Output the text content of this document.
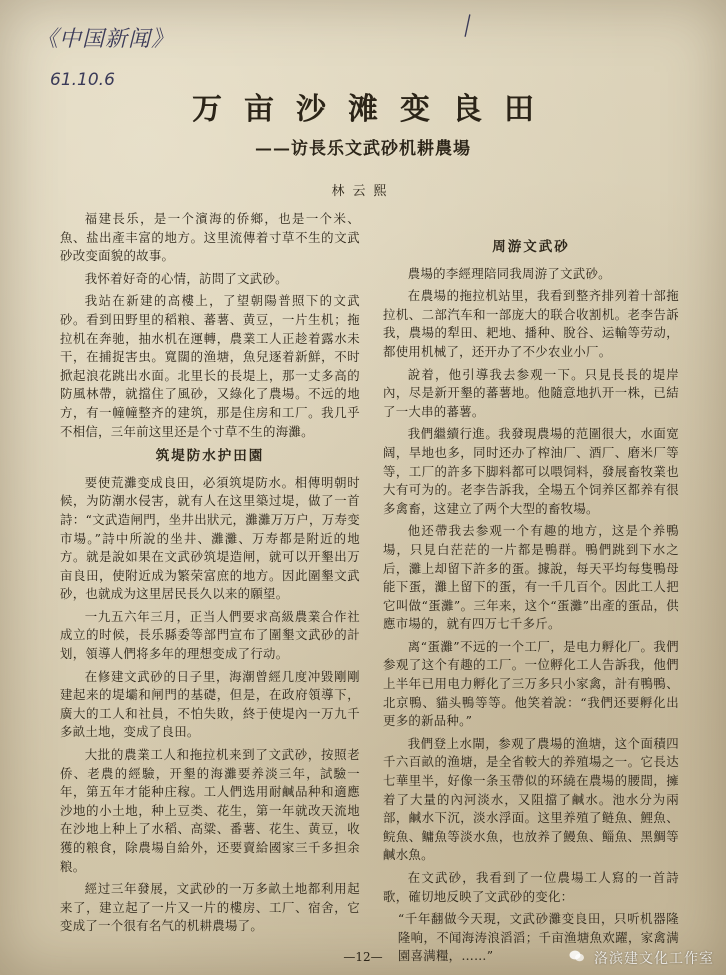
《中国新闻》
61.10.6
l
万亩沙滩变良田
——访長乐文武砂机耕農場
林云熙

福建長乐，是一个濱海的侨鄉，也是一个米、魚、盐出產丰富的地方。这里流傳着寸草不生的文武砂改变面貌的故事。

我怀着好奇的心情，訪問了文武砂。

我站在新建的高樓上，了望朝陽普照下的文武砂。看到田野里的稻粮、蕃薯、黄豆，一片生机；拖拉机在奔驰，抽水机在運轉，農業工人正趁着露水未干，在捕捉害虫。寬闊的渔塘，魚兒逐着新鮮，不时掀起浪花跳出水面。北里长的長堤上，那一丈多高的防風林帶，就擋住了風砂，又綠化了農場。不远的地方，有一幢幢整齐的建筑，那是住房和工厂。我几乎不相信，三年前这里还是个寸草不生的海灘。

筑堤防水护田園

要使荒灘变成良田，必須筑堤防水。相傳明朝时候，为防潮水侵害，就有人在这里築过堤，做了一首詩：“文武造闸門，坐井出狀元，灘灘万万户，万寿变市場。”詩中所說的坐井、灘灘、万寿都是附近的地方。就是說如果在文武砂筑堤造闸，就可以开墾出万亩良田，使附近成为繁荣富庶的地方。因此圍墾文武砂，也就成为这里居民長久以来的願望。

一九五六年三月，正当人們要求高級農業合作社成立的时候，長乐縣委等部門宣布了圍墾文武砂的計划，領導人們将多年的理想变成了行动。

在修建文武砂的日子里，海潮曾經几度冲毀剛剛建起来的堤壩和闸門的基礎，但是，在政府領導下，廣大的工人和社員，不怕失敗，終于使堤內一万九千多畝土地，变成了良田。

大批的農業工人和拖拉机来到了文武砂，按照老侨、老農的經驗，开墾的海灘要养淡三年，試驗一年，第五年才能种庄稼。工人們选用耐鹹品种和適應沙地的小土地，种上豆类、花生，第一年就改天流地在沙地上种上了水稻、高粱、番薯、花生、黄豆，收獲的粮食，除農場自給外，还要賣給國家三千多担余粮。

經过三年發展，文武砂的一万多畝土地都利用起来了，建立起了一片又一片的樓房、工厂、宿舍，它变成了一个很有名气的机耕農場了。

周游文武砂

農場的李經理陪同我周游了文武砂。

在農場的拖拉机站里，我看到整齐排列着十部拖拉机、二部汽车和一部庞大的联合收割机。老李告訴我，農場的犁田、耙地、播种、脫谷、运輸等劳动，都使用机械了，还开办了不少农业小厂。

說着，他引導我去参观一下。只見長長的堤岸內，尽是新开墾的蕃薯地。他隨意地扒开一株，已結了一大串的蕃薯。

我們繼續行進。我發現農場的范圍很大，水面宽阔，旱地也多，同时还办了榨油厂、酒厂、磨米厂等等，工厂的許多下脚料都可以喂饲料，發展畜牧業也大有可为的。老李告訴我，全場五个饲养区都养有很多禽畜，这建立了两个大型的畜牧場。

他还帶我去参观一个有趣的地方，这是个养鴨場，只見白茫茫的一片都是鴨群。鴨們跳到下水之后，灘上却留下許多的蛋。據說，每天平均每隻鴨母能下蛋，灘上留下的蛋，有一千几百个。因此工人把它叫做“蛋灘”。三年来，这个“蛋灘”出產的蛋品，供應市場的，就有四万七千多斤。

离“蛋灘”不远的一个工厂，是电力孵化厂。我們参观了这个有趣的工厂。一位孵化工人告訴我，他們上半年已用电力孵化了三万多只小家禽，計有鴨鴨、北京鴨、貓头鴨等等。他笑着說：“我們还要孵化出更多的新品种。”

我們登上水閘，参观了農場的渔塘，这个面積四千六百畝的渔塘，是全省較大的养殖場之一。它長达七華里半，好像一条玉帶似的环繞在農場的腰間，擁着了大量的內河淡水，又阻擋了鹹水。池水分为兩部，鹹水下沉，淡水浮面。这里养殖了鲢魚、鯉魚、鲩魚、鳙魚等淡水魚，也放养了鰻魚、鲻魚、黑鯛等鹹水魚。

在文武砂，我看到了一位農場工人寫的一首詩歌，確切地反映了文武砂的变化：

“千年翻做今天現，文武砂灘变良田，只听机器隆隆响，不闻海涛浪滔滔；千亩渔塘魚欢躍，家禽满園喜满糧，……”

—12—	洛滨建文化工作室
